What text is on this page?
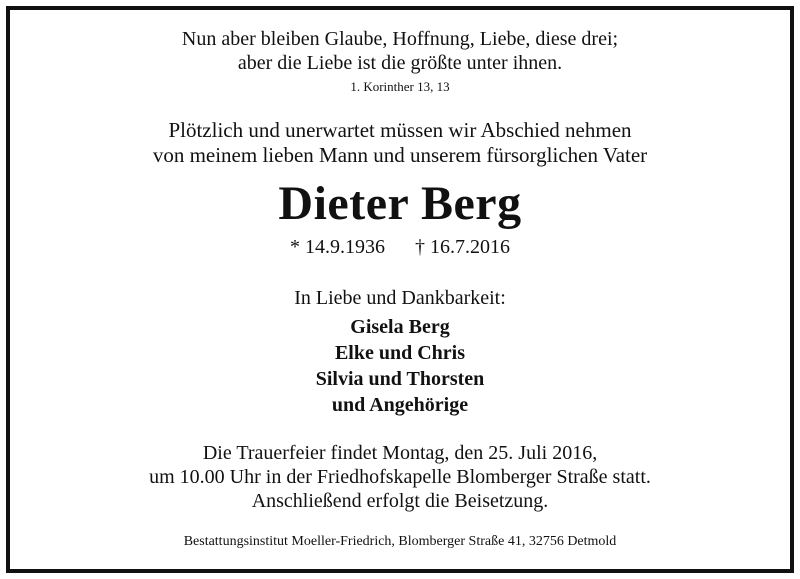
Nun aber bleiben Glaube, Hoffnung, Liebe, diese drei;
aber die Liebe ist die größte unter ihnen.
1. Korinther 13, 13
Plötzlich und unerwartet müssen wir Abschied nehmen
von meinem lieben Mann und unserem fürsorglichen Vater
Dieter Berg
* 14.9.1936 † 16.7.2016
In Liebe und Dankbarkeit:
Gisela Berg
Elke und Chris
Silvia und Thorsten
und Angehörige
Die Trauerfeier findet Montag, den 25. Juli 2016,
um 10.00 Uhr in der Friedhofskapelle Blomberger Straße statt.
Anschließend erfolgt die Beisetzung.
Bestattungsinstitut Moeller-Friedrich, Blomberger Straße 41, 32756 Detmold
